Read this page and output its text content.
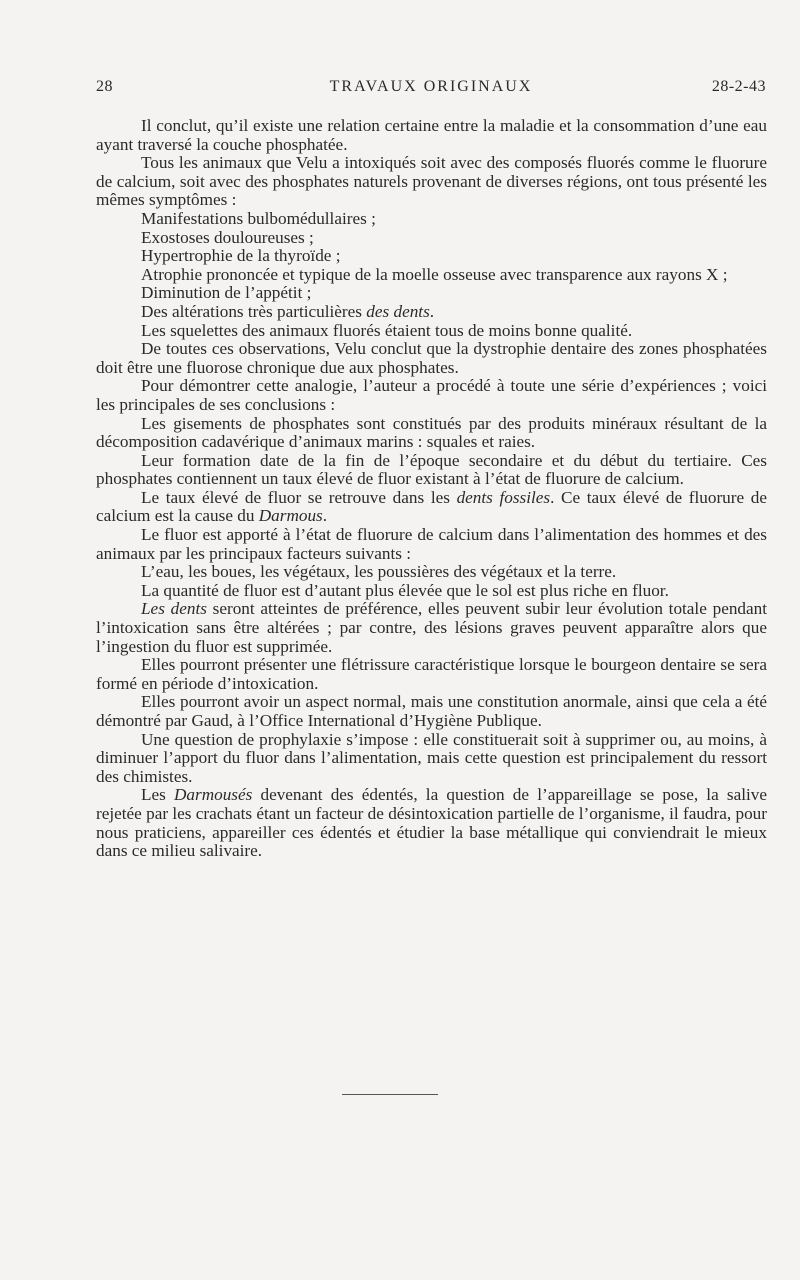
28	TRAVAUX ORIGINAUX	28-2-43

Il conclut, qu’il existe une relation certaine entre la maladie et la consommation d’une eau ayant traversé la couche phosphatée.

Tous les animaux que Velu a intoxiqués soit avec des composés fluorés comme le fluorure de calcium, soit avec des phosphates naturels provenant de diverses régions, ont tous présenté les mêmes symptômes :

Manifestations bulbomédullaires ;

Exostoses douloureuses ;

Hypertrophie de la thyroïde ;

Atrophie prononcée et typique de la moelle osseuse avec transparence aux rayons X ;

Diminution de l’appétit ;

Des altérations très particulières des dents.

Les squelettes des animaux fluorés étaient tous de moins bonne qualité.

De toutes ces observations, Velu conclut que la dystrophie dentaire des zones phosphatées doit être une fluorose chronique due aux phosphates.

Pour démontrer cette analogie, l’auteur a procédé à toute une série d’expériences ; voici les principales de ses conclusions :

Les gisements de phosphates sont constitués par des produits minéraux résultant de la décomposition cadavérique d’animaux marins : squales et raies.

Leur formation date de la fin de l’époque secondaire et du début du tertiaire. Ces phosphates contiennent un taux élevé de fluor existant à l’état de fluorure de calcium.

Le taux élevé de fluor se retrouve dans les dents fossiles. Ce taux élevé de fluorure de calcium est la cause du Darmous.

Le fluor est apporté à l’état de fluorure de calcium dans l’alimentation des hommes et des animaux par les principaux facteurs suivants :

L’eau, les boues, les végétaux, les poussières des végétaux et la terre.

La quantité de fluor est d’autant plus élevée que le sol est plus riche en fluor.

Les dents seront atteintes de préférence, elles peuvent subir leur évolution totale pendant l’intoxication sans être altérées ; par contre, des lésions graves peuvent apparaître alors que l’ingestion du fluor est supprimée.

Elles pourront présenter une flétrissure caractéristique lorsque le bourgeon dentaire se sera formé en période d’intoxication.

Elles pourront avoir un aspect normal, mais une constitution anormale, ainsi que cela a été démontré par Gaud, à l’Office International d’Hygiène Publique.

Une question de prophylaxie s’impose : elle constituerait soit à supprimer ou, au moins, à diminuer l’apport du fluor dans l’alimentation, mais cette question est principalement du ressort des chimistes.

Les Darmousés devenant des édentés, la question de l’appareillage se pose, la salive rejetée par les crachats étant un facteur de désintoxication partielle de l’organisme, il faudra, pour nous praticiens, appareiller ces édentés et étudier la base métallique qui conviendrait le mieux dans ce milieu salivaire.
